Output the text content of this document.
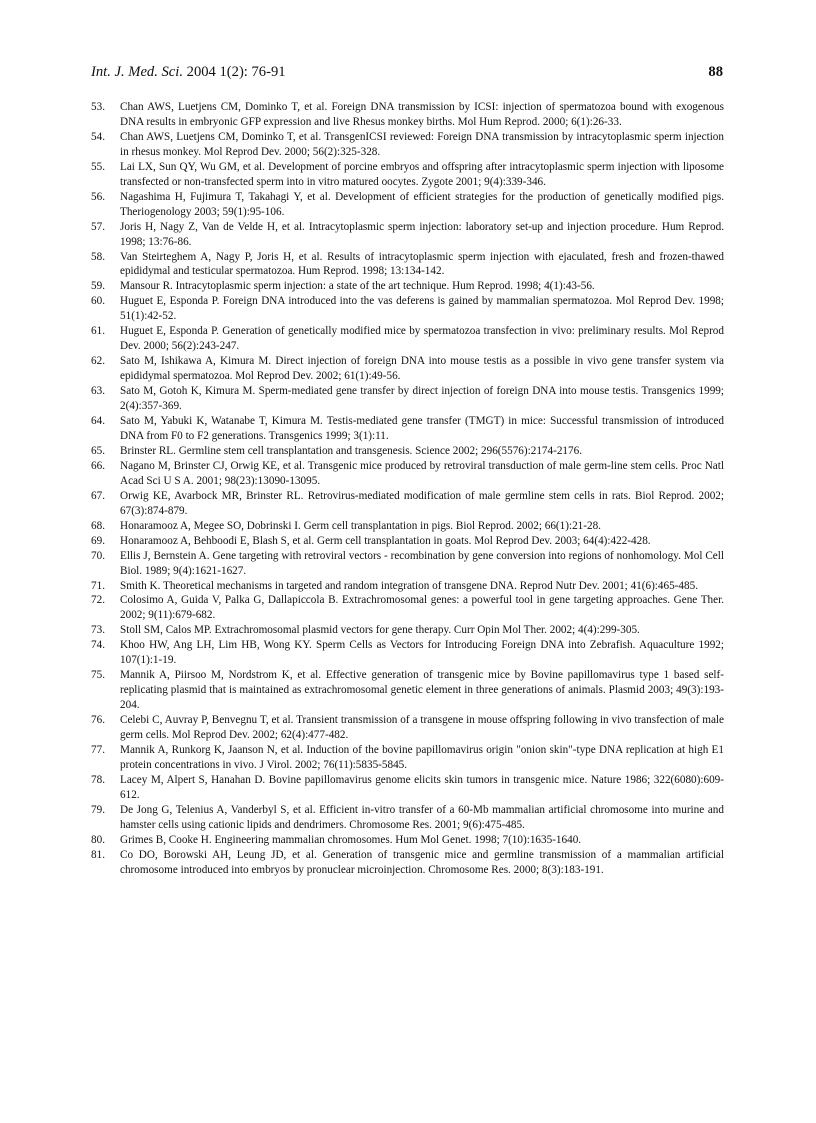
Int. J. Med. Sci. 2004 1(2): 76-91	88
53. Chan AWS, Luetjens CM, Dominko T, et al. Foreign DNA transmission by ICSI: injection of spermatozoa bound with exogenous DNA results in embryonic GFP expression and live Rhesus monkey births. Mol Hum Reprod. 2000; 6(1):26-33.
54. Chan AWS, Luetjens CM, Dominko T, et al. TransgenICSI reviewed: Foreign DNA transmission by intracytoplasmic sperm injection in rhesus monkey. Mol Reprod Dev. 2000; 56(2):325-328.
55. Lai LX, Sun QY, Wu GM, et al. Development of porcine embryos and offspring after intracytoplasmic sperm injection with liposome transfected or non-transfected sperm into in vitro matured oocytes. Zygote 2001; 9(4):339-346.
56. Nagashima H, Fujimura T, Takahagi Y, et al. Development of efficient strategies for the production of genetically modified pigs. Theriogenology 2003; 59(1):95-106.
57. Joris H, Nagy Z, Van de Velde H, et al. Intracytoplasmic sperm injection: laboratory set-up and injection procedure. Hum Reprod. 1998; 13:76-86.
58. Van Steirteghem A, Nagy P, Joris H, et al. Results of intracytoplasmic sperm injection with ejaculated, fresh and frozen-thawed epididymal and testicular spermatozoa. Hum Reprod. 1998; 13:134-142.
59. Mansour R. Intracytoplasmic sperm injection: a state of the art technique. Hum Reprod. 1998; 4(1):43-56.
60. Huguet E, Esponda P. Foreign DNA introduced into the vas deferens is gained by mammalian spermatozoa. Mol Reprod Dev. 1998; 51(1):42-52.
61. Huguet E, Esponda P. Generation of genetically modified mice by spermatozoa transfection in vivo: preliminary results. Mol Reprod Dev. 2000; 56(2):243-247.
62. Sato M, Ishikawa A, Kimura M. Direct injection of foreign DNA into mouse testis as a possible in vivo gene transfer system via epididymal spermatozoa. Mol Reprod Dev. 2002; 61(1):49-56.
63. Sato M, Gotoh K, Kimura M. Sperm-mediated gene transfer by direct injection of foreign DNA into mouse testis. Transgenics 1999; 2(4):357-369.
64. Sato M, Yabuki K, Watanabe T, Kimura M. Testis-mediated gene transfer (TMGT) in mice: Successful transmission of introduced DNA from F0 to F2 generations. Transgenics 1999; 3(1):11.
65. Brinster RL. Germline stem cell transplantation and transgenesis. Science 2002; 296(5576):2174-2176.
66. Nagano M, Brinster CJ, Orwig KE, et al. Transgenic mice produced by retroviral transduction of male germ-line stem cells. Proc Natl Acad Sci U S A. 2001; 98(23):13090-13095.
67. Orwig KE, Avarbock MR, Brinster RL. Retrovirus-mediated modification of male germline stem cells in rats. Biol Reprod. 2002; 67(3):874-879.
68. Honaramooz A, Megee SO, Dobrinski I. Germ cell transplantation in pigs. Biol Reprod. 2002; 66(1):21-28.
69. Honaramooz A, Behboodi E, Blash S, et al. Germ cell transplantation in goats. Mol Reprod Dev. 2003; 64(4):422-428.
70. Ellis J, Bernstein A. Gene targeting with retroviral vectors - recombination by gene conversion into regions of nonhomology. Mol Cell Biol. 1989; 9(4):1621-1627.
71. Smith K. Theoretical mechanisms in targeted and random integration of transgene DNA. Reprod Nutr Dev. 2001; 41(6):465-485.
72. Colosimo A, Guida V, Palka G, Dallapiccola B. Extrachromosomal genes: a powerful tool in gene targeting approaches. Gene Ther. 2002; 9(11):679-682.
73. Stoll SM, Calos MP. Extrachromosomal plasmid vectors for gene therapy. Curr Opin Mol Ther. 2002; 4(4):299-305.
74. Khoo HW, Ang LH, Lim HB, Wong KY. Sperm Cells as Vectors for Introducing Foreign DNA into Zebrafish. Aquaculture 1992; 107(1):1-19.
75. Mannik A, Piirsoo M, Nordstrom K, et al. Effective generation of transgenic mice by Bovine papillomavirus type 1 based self-replicating plasmid that is maintained as extrachromosomal genetic element in three generations of animals. Plasmid 2003; 49(3):193-204.
76. Celebi C, Auvray P, Benvegnu T, et al. Transient transmission of a transgene in mouse offspring following in vivo transfection of male germ cells. Mol Reprod Dev. 2002; 62(4):477-482.
77. Mannik A, Runkorg K, Jaanson N, et al. Induction of the bovine papillomavirus origin "onion skin"-type DNA replication at high E1 protein concentrations in vivo. J Virol. 2002; 76(11):5835-5845.
78. Lacey M, Alpert S, Hanahan D. Bovine papillomavirus genome elicits skin tumors in transgenic mice. Nature 1986; 322(6080):609-612.
79. De Jong G, Telenius A, Vanderbyl S, et al. Efficient in-vitro transfer of a 60-Mb mammalian artificial chromosome into murine and hamster cells using cationic lipids and dendrimers. Chromosome Res. 2001; 9(6):475-485.
80. Grimes B, Cooke H. Engineering mammalian chromosomes. Hum Mol Genet. 1998; 7(10):1635-1640.
81. Co DO, Borowski AH, Leung JD, et al. Generation of transgenic mice and germline transmission of a mammalian artificial chromosome introduced into embryos by pronuclear microinjection. Chromosome Res. 2000; 8(3):183-191.
